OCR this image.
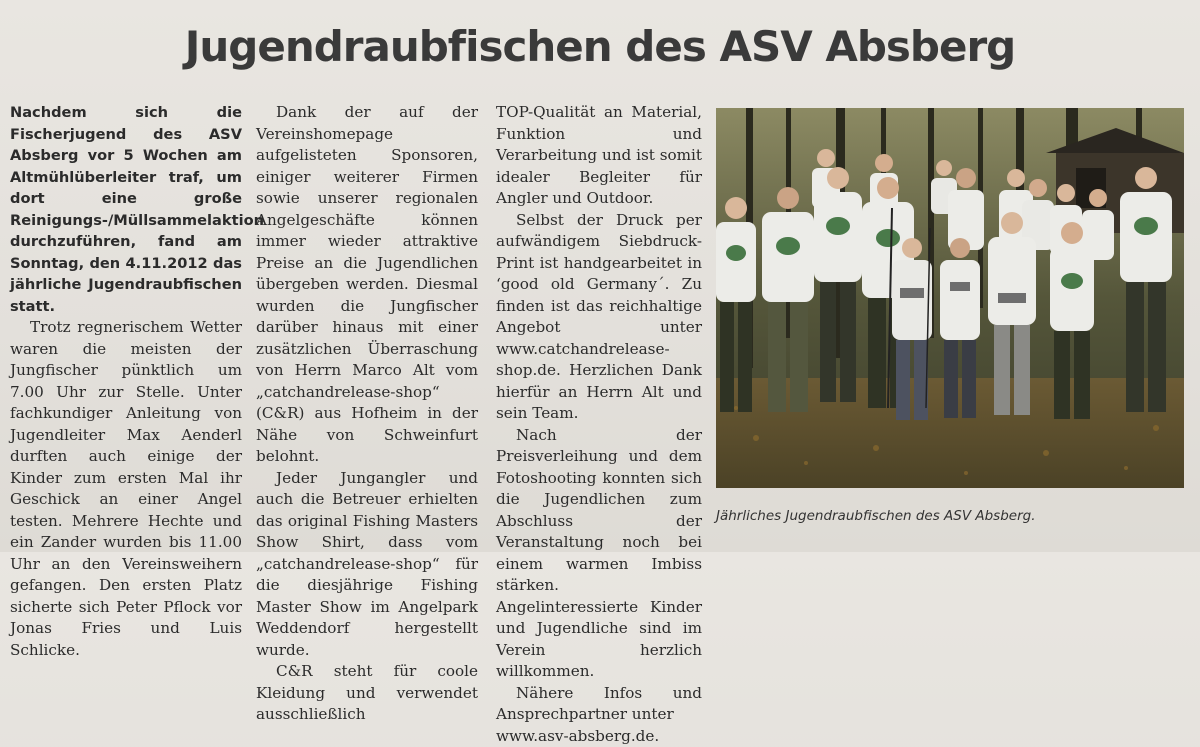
Jugendraubfischen des ASV Absberg

Nachdem sich die Fischerjugend des ASV Absberg vor 5 Wochen am Altmühlüberleiter traf, um dort eine große Reinigungs-/Müllsammelaktion durchzuführen, fand am Sonntag, den 4.11.2012 das jährliche Jugendraubfischen statt.

Trotz regnerischem Wetter waren die meisten der Jungfischer pünktlich um 7.00 Uhr zur Stelle. Unter fachkundiger Anleitung von Jugendleiter Max Aenderl durften auch einige der Kinder zum ersten Mal ihr Geschick an einer Angel testen. Mehrere Hechte und ein Zander wurden bis 11.00 Uhr an den Vereinsweihern gefangen. Den ersten Platz sicherte sich Peter Pflock vor Jonas Fries und Luis Schlicke.

Dank der auf der Vereinshomepage aufgelisteten Sponsoren, einiger weiterer Firmen sowie unserer regionalen Angelgeschäfte können immer wieder attraktive Preise an die Jugendlichen übergeben werden. Diesmal wurden die Jungfischer darüber hinaus mit einer zusätzlichen Überraschung von Herrn Marco Alt vom „catchandrelease-shop“ (C&R) aus Hofheim in der Nähe von Schweinfurt belohnt.

Jeder Jungangler und auch die Betreuer erhielten das original Fishing Masters Show Shirt, dass vom „catchandrelease-shop“ für die diesjährige Fishing Master Show im Angelpark Weddendorf hergestellt wurde.

C&R steht für coole Kleidung und verwendet ausschließlich

TOP-Qualität an Material, Funktion und Verarbeitung und ist somit idealer Begleiter für Angler und Outdoor.

Selbst der Druck per aufwändigem Siebdruck-Print ist handgearbeitet in ‘good old Germany´. Zu finden ist das reichhaltige Angebot unter www.catchandrelease-shop.de. Herzlichen Dank hierfür an Herrn Alt und sein Team.

Nach der Preisverleihung und dem Fotoshooting konnten sich die Jugendlichen zum Abschluss der Veranstaltung noch bei einem warmen Imbiss stärken. Angelinteressierte Kinder und Jugendliche sind im Verein herzlich willkommen.

Nähere Infos und Ansprechpartner unter

www.asv-absberg.de.

Jährliches Jugendraubfischen des ASV Absberg.
